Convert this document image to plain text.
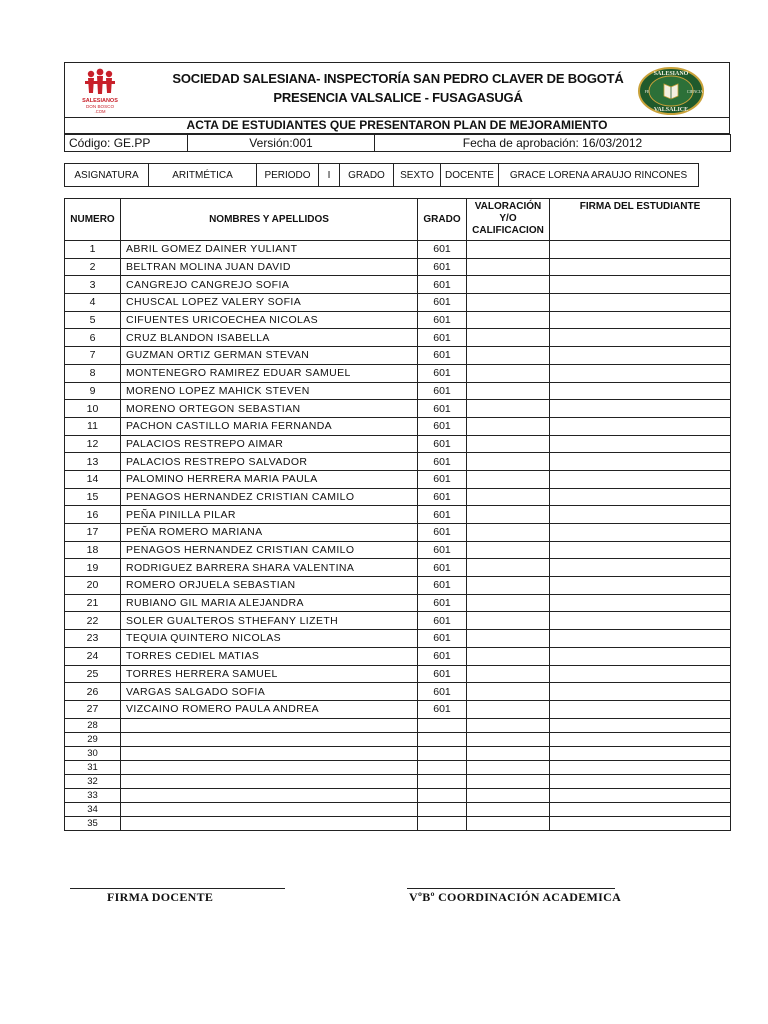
SALESIANOS
DON BOSCO
.COM
SOCIEDAD SALESIANA- INSPECTORÍA SAN PEDRO CLAVER DE BOGOTÁ
PRESENCIA VALSALICE - FUSAGASUGÁ
SALESIANO
VALSALICE
FE	CIENCIA
ACTA DE ESTUDIANTES QUE PRESENTARON PLAN DE MEJORAMIENTO
Código: GE.PP	Versión:001	Fecha de aprobación: 16/03/2012
ASIGNATURA	ARITMÉTICA	PERIODO	I	GRADO	SEXTO	DOCENTE	GRACE LORENA ARAUJO RINCONES
NUMERO	NOMBRES Y APELLIDOS	GRADO	VALORACIÓN Y/O CALIFICACION	FIRMA DEL ESTUDIANTE
1	ABRIL GOMEZ DAINER YULIANT	601		
2	BELTRAN MOLINA JUAN DAVID	601		
3	CANGREJO CANGREJO SOFIA	601		
4	CHUSCAL LOPEZ VALERY SOFIA	601		
5	CIFUENTES URICOECHEA NICOLAS	601		
6	CRUZ BLANDON ISABELLA	601		
7	GUZMAN ORTIZ GERMAN STEVAN	601		
8	MONTENEGRO RAMIREZ EDUAR SAMUEL	601		
9	MORENO LOPEZ MAHICK STEVEN	601		
10	MORENO ORTEGON SEBASTIAN	601		
11	PACHON CASTILLO MARIA FERNANDA	601		
12	PALACIOS RESTREPO AIMAR	601		
13	PALACIOS RESTREPO SALVADOR	601		
14	PALOMINO HERRERA MARIA PAULA	601		
15	PENAGOS HERNANDEZ CRISTIAN CAMILO	601		
16	PEÑA PINILLA PILAR	601		
17	PEÑA ROMERO MARIANA	601		
18	PENAGOS HERNANDEZ CRISTIAN CAMILO	601		
19	RODRIGUEZ BARRERA SHARA VALENTINA	601		
20	ROMERO ORJUELA SEBASTIAN	601		
21	RUBIANO GIL MARIA ALEJANDRA	601		
22	SOLER GUALTEROS STHEFANY LIZETH	601		
23	TEQUIA QUINTERO NICOLAS	601		
24	TORRES CEDIEL MATIAS	601		
25	TORRES HERRERA SAMUEL	601		
26	VARGAS SALGADO SOFIA	601		
27	VIZCAINO ROMERO PAULA ANDREA	601		
28				
29				
30				
31				
32				
33				
34				
35				
FIRMA DOCENTE	VºBº COORDINACIÓN ACADEMICA
